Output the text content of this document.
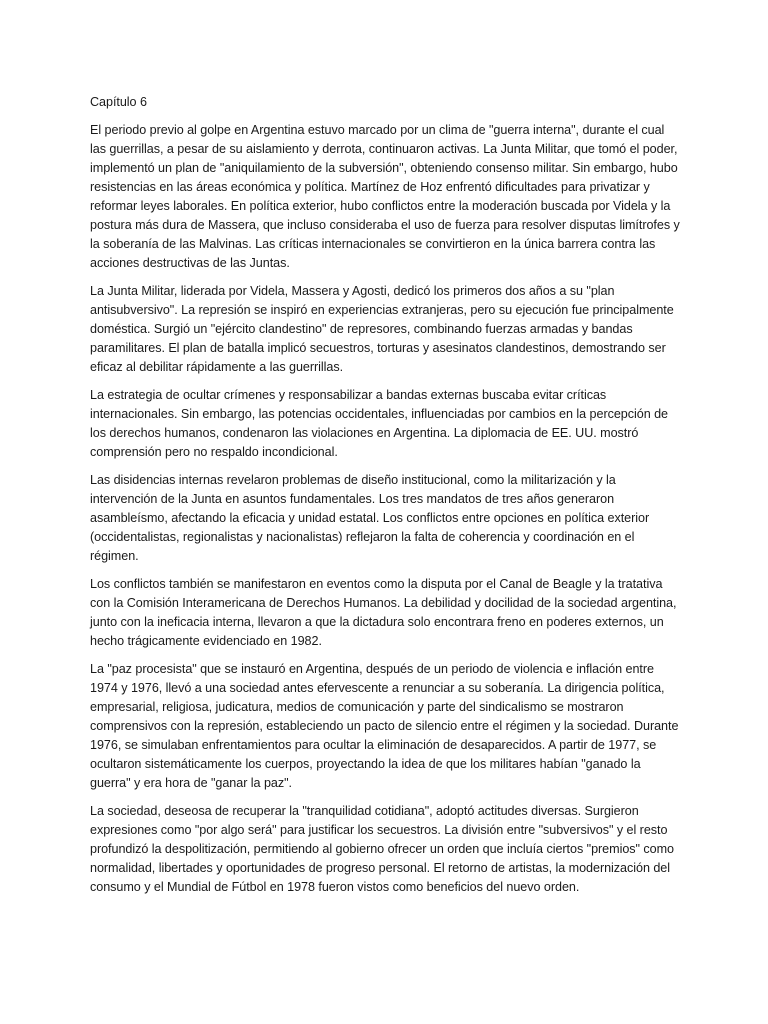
Capítulo 6

El periodo previo al golpe en Argentina estuvo marcado por un clima de "guerra interna", durante el cual las guerrillas, a pesar de su aislamiento y derrota, continuaron activas. La Junta Militar, que tomó el poder, implementó un plan de "aniquilamiento de la subversión", obteniendo consenso militar. Sin embargo, hubo resistencias en las áreas económica y política. Martínez de Hoz enfrentó dificultades para privatizar y reformar leyes laborales. En política exterior, hubo conflictos entre la moderación buscada por Videla y la postura más dura de Massera, que incluso consideraba el uso de fuerza para resolver disputas limítrofes y la soberanía de las Malvinas. Las críticas internacionales se convirtieron en la única barrera contra las acciones destructivas de las Juntas.

La Junta Militar, liderada por Videla, Massera y Agosti, dedicó los primeros dos años a su "plan antisubversivo". La represión se inspiró en experiencias extranjeras, pero su ejecución fue principalmente doméstica. Surgió un "ejército clandestino" de represores, combinando fuerzas armadas y bandas paramilitares. El plan de batalla implicó secuestros, torturas y asesinatos clandestinos, demostrando ser eficaz al debilitar rápidamente a las guerrillas.

La estrategia de ocultar crímenes y responsabilizar a bandas externas buscaba evitar críticas internacionales. Sin embargo, las potencias occidentales, influenciadas por cambios en la percepción de los derechos humanos, condenaron las violaciones en Argentina. La diplomacia de EE. UU. mostró comprensión pero no respaldo incondicional.

Las disidencias internas revelaron problemas de diseño institucional, como la militarización y la intervención de la Junta en asuntos fundamentales. Los tres mandatos de tres años generaron asambleísmo, afectando la eficacia y unidad estatal. Los conflictos entre opciones en política exterior (occidentalistas, regionalistas y nacionalistas) reflejaron la falta de coherencia y coordinación en el régimen.

Los conflictos también se manifestaron en eventos como la disputa por el Canal de Beagle y la tratativa con la Comisión Interamericana de Derechos Humanos. La debilidad y docilidad de la sociedad argentina, junto con la ineficacia interna, llevaron a que la dictadura solo encontrara freno en poderes externos, un hecho trágicamente evidenciado en 1982.

La "paz procesista" que se instauró en Argentina, después de un periodo de violencia e inflación entre 1974 y 1976, llevó a una sociedad antes efervescente a renunciar a su soberanía. La dirigencia política, empresarial, religiosa, judicatura, medios de comunicación y parte del sindicalismo se mostraron comprensivos con la represión, estableciendo un pacto de silencio entre el régimen y la sociedad. Durante 1976, se simulaban enfrentamientos para ocultar la eliminación de desaparecidos. A partir de 1977, se ocultaron sistemáticamente los cuerpos, proyectando la idea de que los militares habían "ganado la guerra" y era hora de "ganar la paz".

La sociedad, deseosa de recuperar la "tranquilidad cotidiana", adoptó actitudes diversas. Surgieron expresiones como "por algo será" para justificar los secuestros. La división entre "subversivos" y el resto profundizó la despolitización, permitiendo al gobierno ofrecer un orden que incluía ciertos "premios" como normalidad, libertades y oportunidades de progreso personal. El retorno de artistas, la modernización del consumo y el Mundial de Fútbol en 1978 fueron vistos como beneficios del nuevo orden.
